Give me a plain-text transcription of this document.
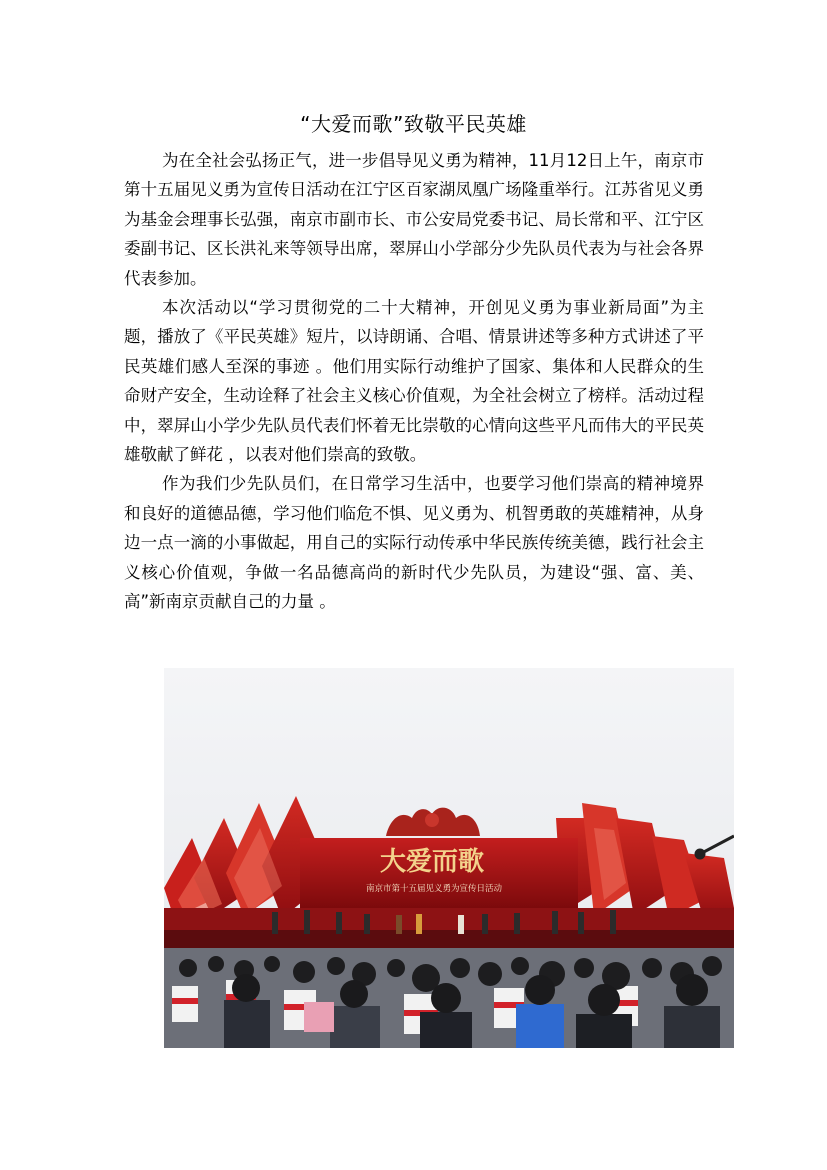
“大爱而歌”致敬平民英雄

为在全社会弘扬正气，进一步倡导见义勇为精神，11月12日上午，南京市第十五届见义勇为宣传日活动在江宁区百家湖凤凰广场隆重举行。江苏省见义勇为基金会理事长弘强，南京市副市长、市公安局党委书记、局长常和平、江宁区委副书记、区长洪礼来等领导出席，翠屏山小学部分少先队员代表为与社会各界代表参加。

本次活动以“学习贯彻党的二十大精神，开创见义勇为事业新局面”为主题，播放了《平民英雄》短片，以诗朗诵、合唱、情景讲述等多种方式讲述了平民英雄们感人至深的事迹 。他们用实际行动维护了国家、集体和人民群众的生命财产安全，生动诠释了社会主义核心价值观，为全社会树立了榜样。活动过程中，翠屏山小学少先队员代表们怀着无比崇敬的心情向这些平凡而伟大的平民英雄敬献了鲜花 ，以表对他们崇高的致敬。

作为我们少先队员们，在日常学习生活中，也要学习他们崇高的精神境界和良好的道德品德，学习他们临危不惧、见义勇为、机智勇敢的英雄精神，从身边一点一滴的小事做起，用自己的实际行动传承中华民族传统美德，践行社会主义核心价值观，争做一名品德高尚的新时代少先队员，为建设“强、富、美、高”新南京贡献自己的力量 。

大爱而歌
南京市第十五届见义勇为宣传日活动
